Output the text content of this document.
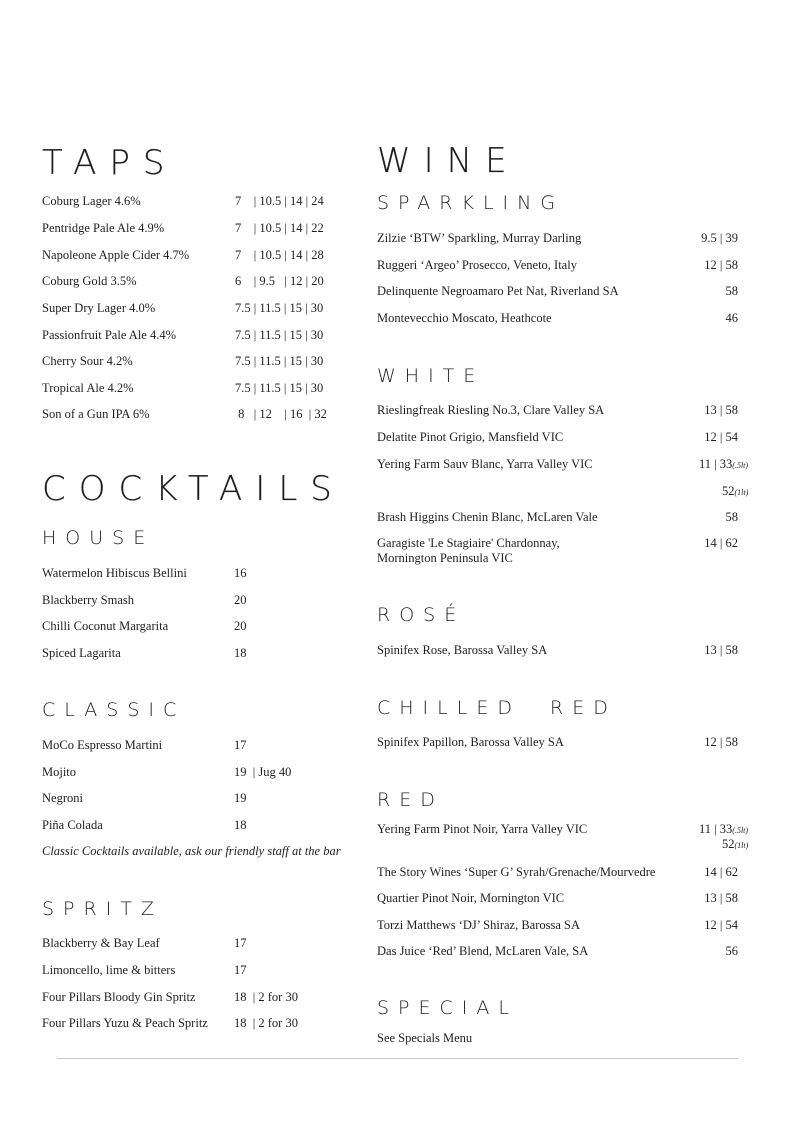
TAPS
Coburg Lager 4.6%	7    | 10.5 | 14 | 24
Pentridge Pale Ale 4.9%	7    | 10.5 | 14 | 22
Napoleone Apple Cider 4.7%	7    | 10.5 | 14 | 28
Coburg Gold 3.5%	6    | 9.5   | 12 | 20
Super Dry Lager 4.0%	7.5 | 11.5 | 15 | 30
Passionfruit Pale Ale 4.4%	7.5 | 11.5 | 15 | 30
Cherry Sour 4.2%	7.5 | 11.5 | 15 | 30
Tropical Ale 4.2%	7.5 | 11.5 | 15 | 30
Son of a Gun IPA 6%	8   | 12    | 16  | 32
COCKTAILS
HOUSE
Watermelon Hibiscus Bellini	16
Blackberry Smash	20
Chilli Coconut Margarita	20
Spiced Lagarita	18
CLASSIC
MoCo Espresso Martini	17
Mojito	19  | Jug 40
Negroni	19
Piña Colada	18
Classic Cocktails available, ask our friendly staff at the bar
SPRITZ
Blackberry & Bay Leaf	17
Limoncello, lime & bitters	17
Four Pillars Bloody Gin Spritz	18  | 2 for 30
Four Pillars Yuzu & Peach Spritz 18  | 2 for 30
WINE
SPARKLING
Zilzie ‘BTW’ Sparkling, Murray Darling	9.5 | 39
Ruggeri ‘Argeo’ Prosecco, Veneto, Italy	12 | 58
Delinquente Negroamaro Pet Nat, Riverland SA	58
Montevecchio Moscato, Heathcote	46
WHITE
Rieslingfreak Riesling No.3, Clare Valley SA	13 | 58
Delatite Pinot Grigio, Mansfield VIC	12 | 54
Yering Farm Sauv Blanc, Yarra Valley VIC	11 | 33(.5lt)
52(1lt)
Brash Higgins Chenin Blanc, McLaren Vale	58
Garagiste 'Le Stagiaire' Chardonnay,
Mornington Peninsula VIC
14 | 62
ROSÉ
Spinifex Rose, Barossa Valley SA	13 | 58
CHILLED RED
Spinifex Papillon, Barossa Valley SA	12 | 58
RED
Yering Farm Pinot Noir, Yarra Valley VIC	11 | 33(.5lt)
52(1lt)
The Story Wines ‘Super G’ Syrah/Grenache/Mourvedre	14 | 62
Quartier Pinot Noir, Mornington VIC	13 | 58
Torzi Matthews ‘DJ’ Shiraz, Barossa SA	12 | 54
Das Juice ‘Red’ Blend, McLaren Vale, SA	56
SPECIAL
See Specials Menu
